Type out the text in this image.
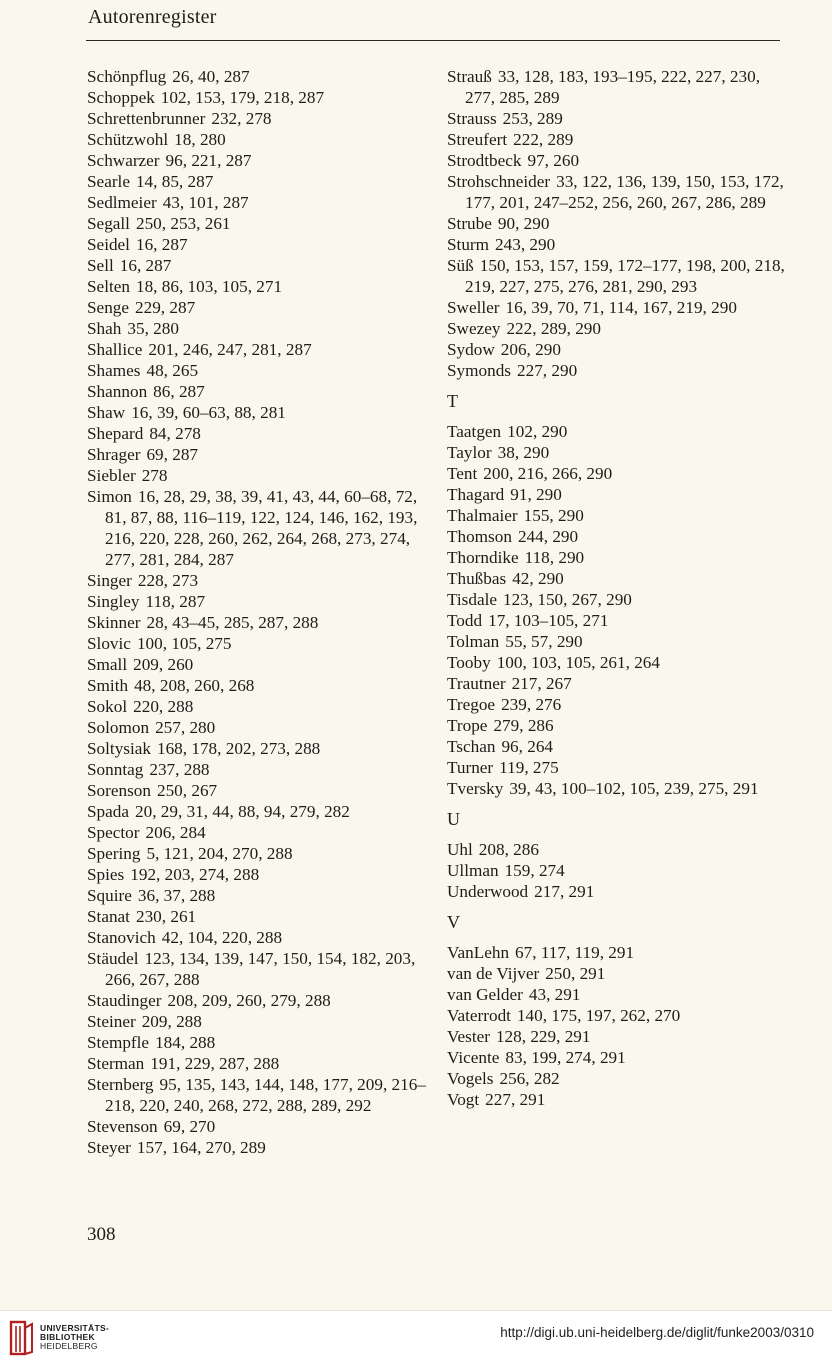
Autorenregister
Schönpflug 26, 40, 287
Schoppek 102, 153, 179, 218, 287
Schrettenbrunner 232, 278
Schützwohl 18, 280
Schwarzer 96, 221, 287
Searle 14, 85, 287
Sedlmeier 43, 101, 287
Segall 250, 253, 261
Seidel 16, 287
Sell 16, 287
Selten 18, 86, 103, 105, 271
Senge 229, 287
Shah 35, 280
Shallice 201, 246, 247, 281, 287
Shames 48, 265
Shannon 86, 287
Shaw 16, 39, 60–63, 88, 281
Shepard 84, 278
Shrager 69, 287
Siebler 278
Simon 16, 28, 29, 38, 39, 41, 43, 44, 60–68, 72, 81, 87, 88, 116–119, 122, 124, 146, 162, 193, 216, 220, 228, 260, 262, 264, 268, 273, 274, 277, 281, 284, 287
Singer 228, 273
Singley 118, 287
Skinner 28, 43–45, 285, 287, 288
Slovic 100, 105, 275
Small 209, 260
Smith 48, 208, 260, 268
Sokol 220, 288
Solomon 257, 280
Soltysiak 168, 178, 202, 273, 288
Sonntag 237, 288
Sorenson 250, 267
Spada 20, 29, 31, 44, 88, 94, 279, 282
Spector 206, 284
Spering 5, 121, 204, 270, 288
Spies 192, 203, 274, 288
Squire 36, 37, 288
Stanat 230, 261
Stanovich 42, 104, 220, 288
Stäudel 123, 134, 139, 147, 150, 154, 182, 203, 266, 267, 288
Staudinger 208, 209, 260, 279, 288
Steiner 209, 288
Stempfle 184, 288
Sterman 191, 229, 287, 288
Sternberg 95, 135, 143, 144, 148, 177, 209, 216–218, 220, 240, 268, 272, 288, 289, 292
Stevenson 69, 270
Steyer 157, 164, 270, 289
Strauß 33, 128, 183, 193–195, 222, 227, 230, 277, 285, 289
Strauss 253, 289
Streufert 222, 289
Strodtbeck 97, 260
Strohschneider 33, 122, 136, 139, 150, 153, 172, 177, 201, 247–252, 256, 260, 267, 286, 289
Strube 90, 290
Sturm 243, 290
Süß 150, 153, 157, 159, 172–177, 198, 200, 218, 219, 227, 275, 276, 281, 290, 293
Sweller 16, 39, 70, 71, 114, 167, 219, 290
Swezey 222, 289, 290
Sydow 206, 290
Symonds 227, 290
T
Taatgen 102, 290
Taylor 38, 290
Tent 200, 216, 266, 290
Thagard 91, 290
Thalmaier 155, 290
Thomson 244, 290
Thorndike 118, 290
Thußbas 42, 290
Tisdale 123, 150, 267, 290
Todd 17, 103–105, 271
Tolman 55, 57, 290
Tooby 100, 103, 105, 261, 264
Trautner 217, 267
Tregoe 239, 276
Trope 279, 286
Tschan 96, 264
Turner 119, 275
Tversky 39, 43, 100–102, 105, 239, 275, 291
U
Uhl 208, 286
Ullman 159, 274
Underwood 217, 291
V
VanLehn 67, 117, 119, 291
van de Vijver 250, 291
van Gelder 43, 291
Vaterrodt 140, 175, 197, 262, 270
Vester 128, 229, 291
Vicente 83, 199, 274, 291
Vogels 256, 282
Vogt 227, 291
308
UNIVERSITÄTS-
BIBLIOTHEK
HEIDELBERG
http://digi.ub.uni-heidelberg.de/diglit/funke2003/0310
